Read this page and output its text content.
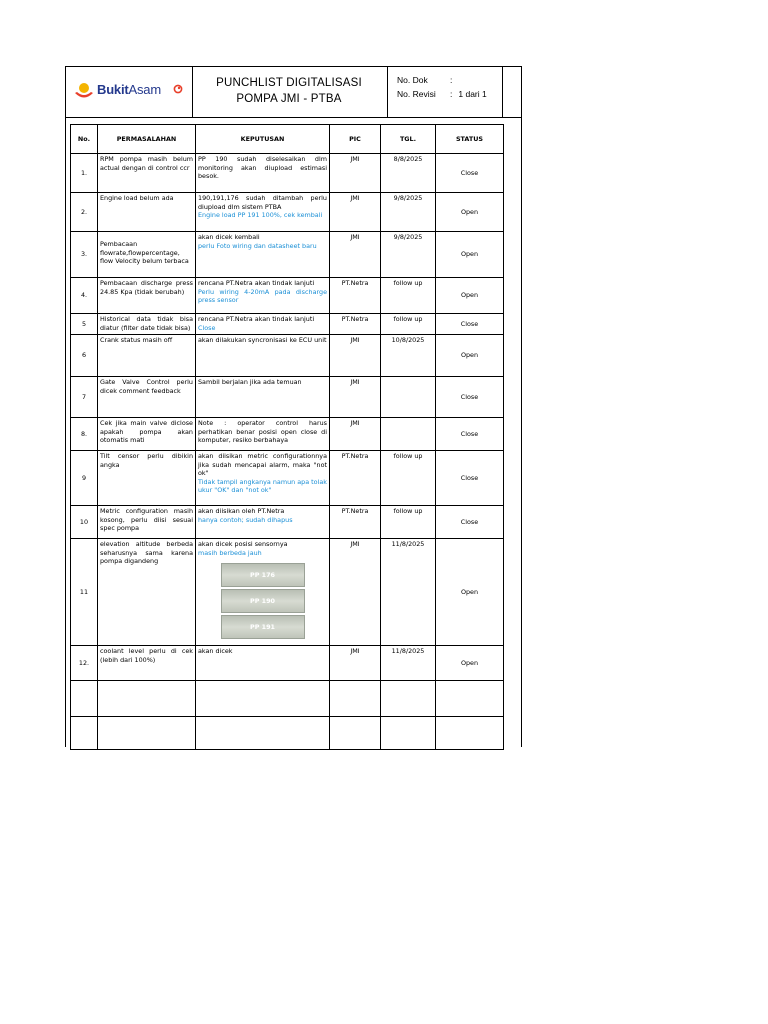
BukitAsam	PUNCHLIST DIGITALISASI POMPA JMI - PTBA
No. Dok	:
No. Revisi : 1 dari 1
No.	PERMASALAHAN	KEPUTUSAN	PIC	TGL.	STATUS
1.	RPM pompa masih belum actual dengan di control ccr	PP 190 sudah diselesaikan dlm monitoring akan diupload estimasi besok.	JMI	8/8/2025	Close
2.	Engine load belum ada	190,191,176 sudah ditambah perlu diupload dlm sistem PTBA
Engine load PP 191 100%, cek kembali	JMI	9/8/2025	Open
3.	Pembacaan flowrate,flowpercentage, flow Velocity belum terbaca	akan dicek kembali
perlu Foto wiring dan datasheet baru	JMI	9/8/2025	Open
4.	Pembacaan discharge press 24.85 Kpa (tidak berubah)	rencana PT.Netra akan tindak lanjuti
Perlu wiring 4-20mA pada discharge press sensor	PT.Netra	follow up	Open
5	Historical data tidak bisa diatur (filter date tidak bisa)	rencana PT.Netra akan tindak lanjuti
Close	PT.Netra	follow up	Close
6	Crank status masih off	akan dilakukan syncronisasi ke ECU unit	JMI	10/8/2025	Open
7	Gate Valve Control perlu dicek comment feedback	Sambil berjalan jika ada temuan	JMI		Close
8.	Cek jika main valve diclose apakah pompa akan otomatis mati	Note : operator control harus perhatikan benar posisi open close di komputer, resiko berbahaya	JMI		Close
9	Tilt censor perlu dibikin angka	akan diisikan metric configurationnya jika sudah mencapai alarm, maka "not ok"
Tidak tampil angkanya namun apa tolak ukur "OK" dan "not ok"	PT.Netra	follow up	Close
10	Metric configuration masih kosong, perlu diisi sesuai spec pompa	akan diisikan oleh PT.Netra
hanya contoh; sudah dihapus	PT.Netra	follow up	Close
11	elevation altitude berbeda seharusnya sama karena pompa digandeng	akan dicek posisi sensornya
masih berbeda jauh
PP 176
PP 190
PP 191	JMI	11/8/2025	Open
12.	coolant level perlu di cek (lebih dari 100%)	akan dicek	JMI	11/8/2025	Open
